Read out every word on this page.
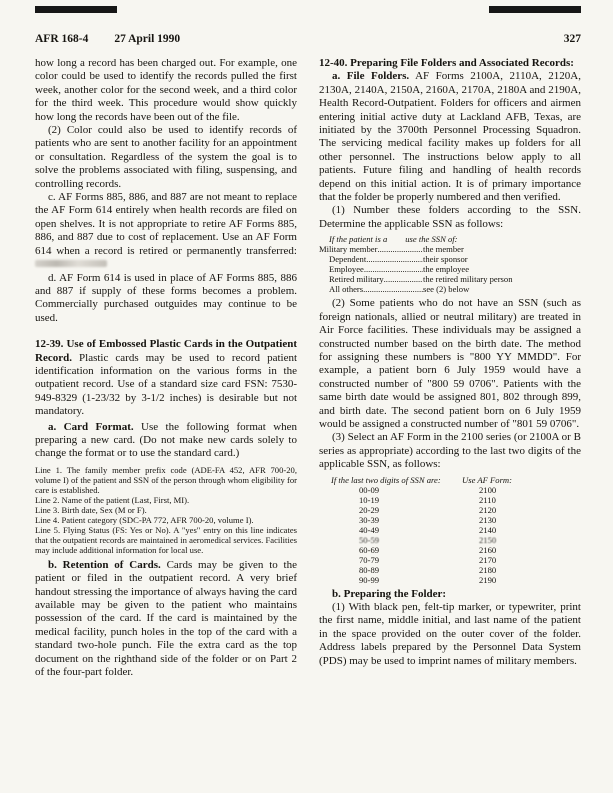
AFR 168-4 27 April 1990	327

how long a record has been charged out. For example, one color could be used to identify the records pulled the first week, another color for the second week, and a third color for the third week. This procedure would show quickly how long the records have been out of the file.

(2) Color could also be used to identify records of patients who are sent to another facility for an appointment or consultation. Regardless of the system the goal is to solve the problems associated with filing, suspensing, and controlling records.

c. AF Forms 885, 886, and 887 are not meant to replace the AF Form 614 entirely when health records are filed on open shelves. It is not appropriate to retire AF Forms 885, 886, and 887 due to cost of replacement. Use an AF Form 614 when a record is retired or permanently transferred:

d. AF Form 614 is used in place of AF Forms 885, 886 and 887 if supply of these forms becomes a problem. Commercially purchased outguides may continue to be used.

12-39. Use of Embossed Plastic Cards in the Outpatient Record. Plastic cards may be used to record patient identification information on the various forms in the outpatient record. Use of a standard size card FSN: 7530-949-8329 (1-23/32 by 3-1/2 inches) is desirable but not mandatory.

a. Card Format. Use the following format when preparing a new card. (Do not make new cards solely to change the format or to use the standard card.)

Line 1. The family member prefix code (ADE-FA 452, AFR 700-20, volume I) of the patient and SSN of the person through whom eligibility for care is established.

Line 2. Name of the patient (Last, First, MI).

Line 3. Birth date, Sex (M or F).

Line 4. Patient category (SDC-PA 772, AFR 700-20, volume I).

Line 5. Flying Status (FS: Yes or No). A "yes" entry on this line indicates that the outpatient records are maintained in aeromedical services. Facilities may include additional information for local use.

b. Retention of Cards. Cards may be given to the patient or filed in the outpatient record. A very brief handout stressing the importance of always having the card available may be given to the patient who maintains possession of the card. If the card is maintained by the medical facility, punch holes in the top of the card with a standard two-hole punch. File the extra card as the top document on the righthand side of the folder or on Part 2 of the four-part folder.

12-40. Preparing File Folders and Associated Records:

a. File Folders. AF Forms 2100A, 2110A, 2120A, 2130A, 2140A, 2150A, 2160A, 2170A, 2180A and 2190A, Health Record-Outpatient. Folders for officers and airmen entering initial active duty at Lackland AFB, Texas, are initiated by the 3700th Personnel Processing Squadron. The servicing medical facility makes up folders for all other personnel. The instructions below apply to all patients. Future filing and handling of health records depend on this initial action. It is of primary importance that the folder be properly numbered and then verified.

(1) Number these folders according to the SSN. Determine the applicable SSN as follows:

If the patient is a use the SSN of:
Military member .....	the member
Dependent .....	their sponsor
Employee .....	the employee
Retired military .....	the retired military person
All others .....	see (2) below

(2) Some patients who do not have an SSN (such as foreign nationals, allied or neutral military) are treated in Air Force facilities. These individuals may be assigned a constructed number based on the birth date. The method for assigning these numbers is "800 YY MMDD". For example, a patient born 6 July 1959 would have a constructed number of "800 59 0706". Patients with the same birth date would be assigned 801, 802 through 899, and birth date. The second patient born on 6 July 1959 would be assigned a constructed number of "801 59 0706".

(3) Select an AF Form in the 2100 series (or 2100A or B series as appropriate) according to the last two digits of the applicable SSN, as follows:

If the last two digits of SSN are: Use AF Form:
00-09	2100
10-19	2110
20-29	2120
30-39	2130
40-49	2140
50-59	2150
60-69	2160
70-79	2170
80-89	2180
90-99	2190

b. Preparing the Folder:

(1) With black pen, felt-tip marker, or typewriter, print the first name, middle initial, and last name of the patient in the space provided on the outer cover of the folder. Address labels prepared by the Personnel Data System (PDS) may be used to imprint names of military members.
